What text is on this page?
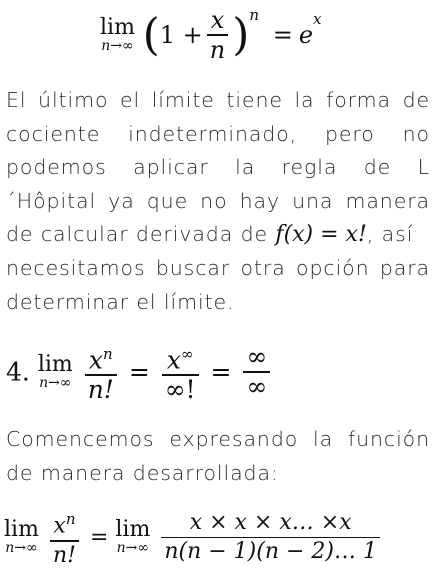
lim
n→∞ $(1 + \frac{x}{n} )^n = e^x$
El último el límite tiene la forma de
cociente indeterminado, pero no
podemos aplicar la regla de L
´Hôpital ya que no hay una manera
de calcular derivada de f(x) = x!, así
necesitamos buscar otra opción para
determinar el límite.
4. lim
n→∞
$\frac{x^n}{n!} = \frac{x^\infty}{\infty!} = \frac{\infty}{\infty}$
Comencemos expresando la función
de manera desarrollada:
lim
n→∞
$\frac{x^n}{n!} = \lim$
n→∞
$\frac{x \times x \times x\dots \times x}{n(n - 1)(n - 2)\dots 1}$
